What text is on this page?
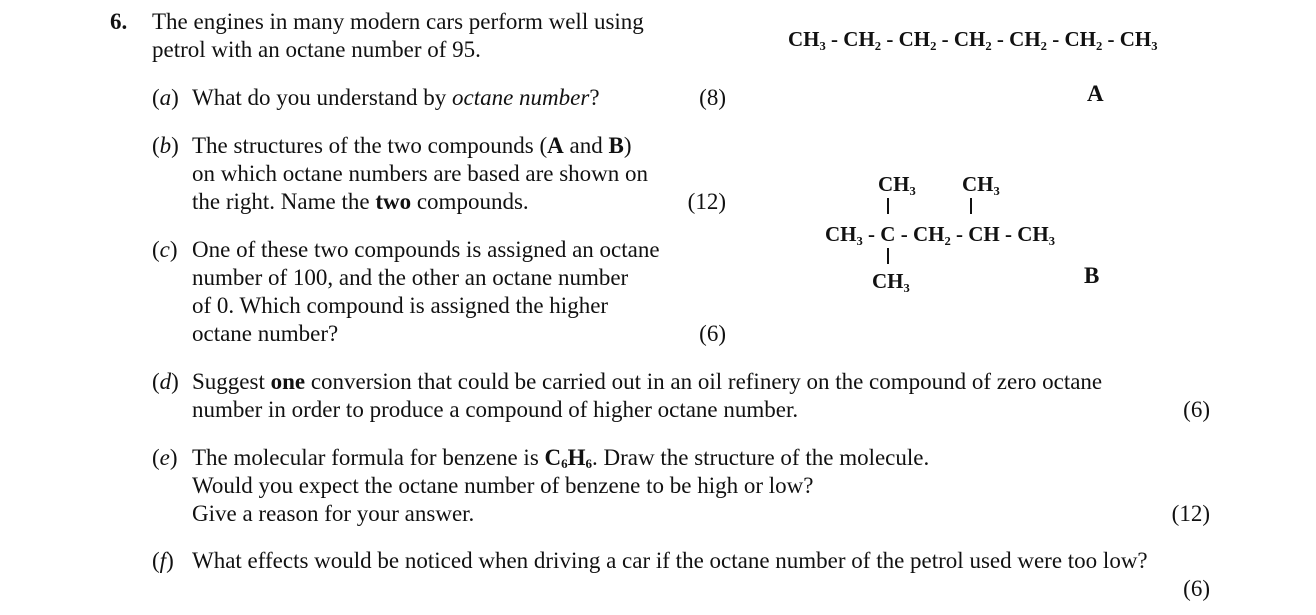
6. The engines in many modern cars perform well using
petrol with an octane number of 95.
(a) What do you understand by octane number?	(8)
(b) The structures of the two compounds (A and B)
on which octane numbers are based are shown on
the right. Name the two compounds.	(12)
(c) One of these two compounds is assigned an octane
number of 100, and the other an octane number
of 0. Which compound is assigned the higher
octane number?	(6)
(d) Suggest one conversion that could be carried out in an oil refinery on the compound of zero octane
number in order to produce a compound of higher octane number.	(6)
(e) The molecular formula for benzene is $C_6H_6$. Draw the structure of the molecule.
Would you expect the octane number of benzene to be high or low?
Give a reason for your answer.	(12)
(f) What effects would be noticed when driving a car if the octane number of the petrol used were too low?
(6)
CH₃ - CH₂ - CH₂ - CH₂ - CH₂ - CH₂ - CH₃
A
CH₃ CH₃
CH₃ - C - CH₂ - CH - CH₃
CH₃	B
